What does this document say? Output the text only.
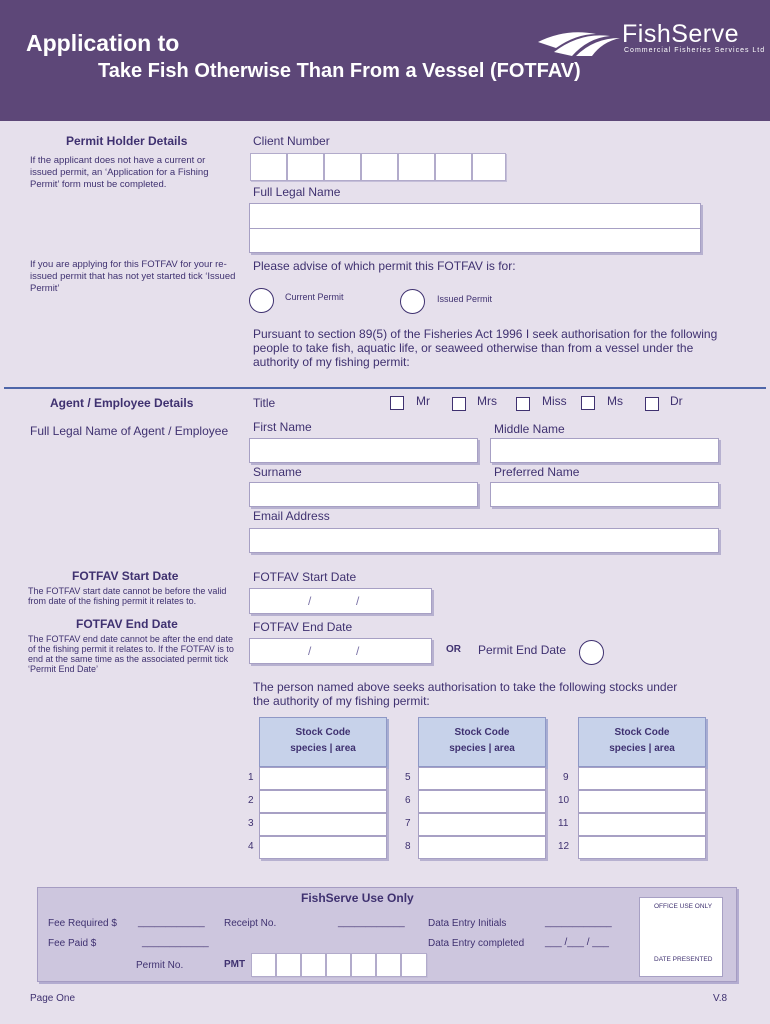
Application to
Take Fish Otherwise Than From a Vessel (FOTFAV)
FishServe
Commercial Fisheries Services Ltd
Permit Holder Details
If the applicant does not have a current or issued permit, an ‘Application for a Fishing Permit’ form must be completed.
If you are applying for this FOTFAV for your re-issued permit that has not yet started tick ‘Issued Permit’
Client Number
Full Legal Name
Please advise of which permit this FOTFAV is for:
Current Permit	Issued Permit
Pursuant to section 89(5) of the Fisheries Act 1996 I seek authorisation for the following people to take fish, aquatic life, or seaweed otherwise than from a vessel under the authority of my fishing permit:
Agent / Employee Details
Full Legal Name of Agent / Employee
Title	Mr	Mrs	Miss	Ms	Dr
First Name	Middle Name
Surname	Preferred Name
Email Address
FOTFAV Start Date
The FOTFAV start date cannot be before the valid from date of the fishing permit it relates to.
FOTFAV End Date
The FOTFAV end date cannot be after the end date of the fishing permit it relates to. If the FOTFAV is to end at the same time as the associated permit tick ‘Permit End Date’
FOTFAV Start Date
/	/
FOTFAV End Date
/	/	OR Permit End Date
The person named above seeks authorisation to take the following stocks under the authority of my fishing permit:
Stock Code
species | area
Stock Code
species | area
Stock Code
species | area
1
2
3
4
5
6
7
8
9
10
11
12
FishServe Use Only
Fee Required $ ____________ Receipt No.	____________ Data Entry Initials	____________
Fee Paid $	____________	Data Entry completed ___ /___ / ___
Permit No.	PMT
OFFICE USE ONLY
DATE PRESENTED
Page One	V.8
